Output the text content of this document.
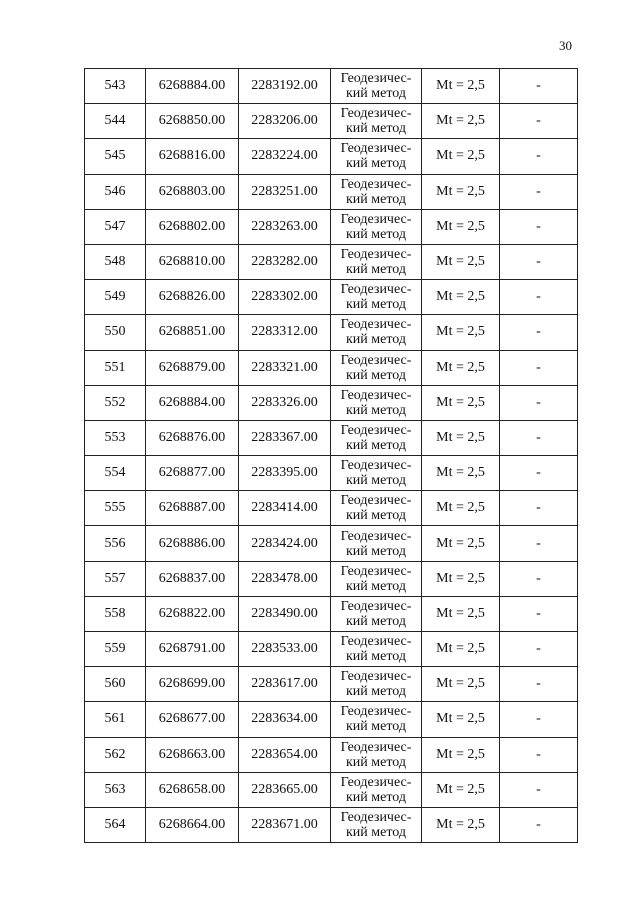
30
543	6268884.00	2283192.00	Геодезичес-
кий метод	Mt = 2,5	-
544	6268850.00	2283206.00	Геодезичес-
кий метод	Mt = 2,5	-
545	6268816.00	2283224.00	Геодезичес-
кий метод	Mt = 2,5	-
546	6268803.00	2283251.00	Геодезичес-
кий метод	Mt = 2,5	-
547	6268802.00	2283263.00	Геодезичес-
кий метод	Mt = 2,5	-
548	6268810.00	2283282.00	Геодезичес-
кий метод	Mt = 2,5	-
549	6268826.00	2283302.00	Геодезичес-
кий метод	Mt = 2,5	-
550	6268851.00	2283312.00	Геодезичес-
кий метод	Mt = 2,5	-
551	6268879.00	2283321.00	Геодезичес-
кий метод	Mt = 2,5	-
552	6268884.00	2283326.00	Геодезичес-
кий метод	Mt = 2,5	-
553	6268876.00	2283367.00	Геодезичес-
кий метод	Mt = 2,5	-
554	6268877.00	2283395.00	Геодезичес-
кий метод	Mt = 2,5	-
555	6268887.00	2283414.00	Геодезичес-
кий метод	Mt = 2,5	-
556	6268886.00	2283424.00	Геодезичес-
кий метод	Mt = 2,5	-
557	6268837.00	2283478.00	Геодезичес-
кий метод	Mt = 2,5	-
558	6268822.00	2283490.00	Геодезичес-
кий метод	Mt = 2,5	-
559	6268791.00	2283533.00	Геодезичес-
кий метод	Mt = 2,5	-
560	6268699.00	2283617.00	Геодезичес-
кий метод	Mt = 2,5	-
561	6268677.00	2283634.00	Геодезичес-
кий метод	Mt = 2,5	-
562	6268663.00	2283654.00	Геодезичес-
кий метод	Mt = 2,5	-
563	6268658.00	2283665.00	Геодезичес-
кий метод	Mt = 2,5	-
564	6268664.00	2283671.00	Геодезичес-
кий метод	Mt = 2,5	-
